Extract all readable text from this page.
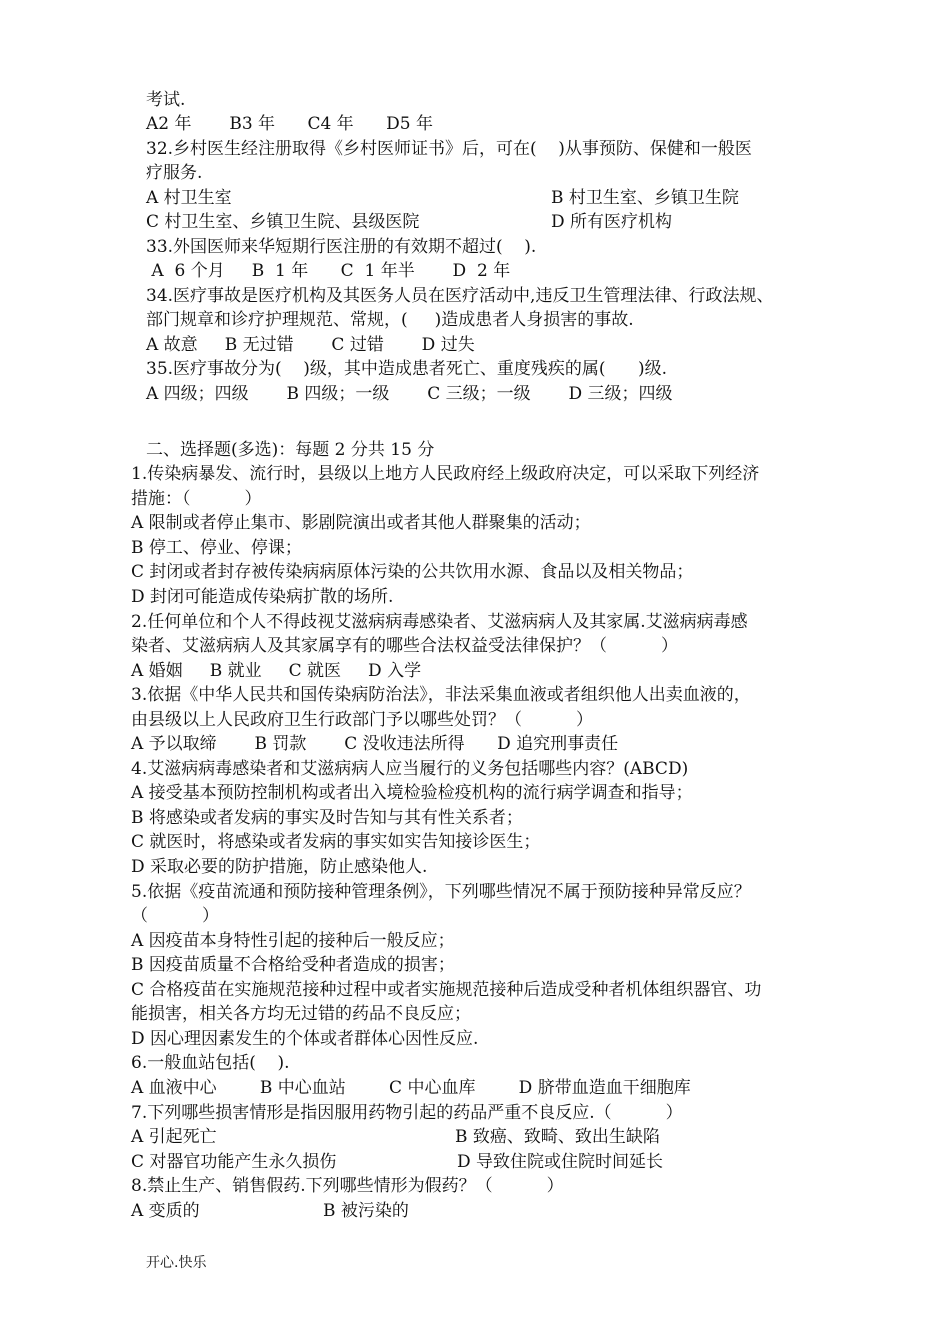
考试.
A2 年       B3 年      C4 年      D5 年
32.乡村医生经注册取得《乡村医师证书》后，可在(    )从事预防、保健和一般医
疗服务.
A 村卫生室	B 村卫生室、乡镇卫生院
C 村卫生室、乡镇卫生院、县级医院	D 所有医疗机构
33.外国医师来华短期行医注册的有效期不超过(    ).
A  6 个月     B  1 年      C  1 年半       D  2 年
34.医疗事故是医疗机构及其医务人员在医疗活动中,违反卫生管理法律、行政法规、
部门规章和诊疗护理规范、常规，(     )造成患者人身损害的事故.
A 故意     B 无过错       C 过错       D 过失
35.医疗事故分为(    )级，其中造成患者死亡、重度残疾的属(      )级.
A 四级；四级       B 四级；一级       C 三级；一级       D 三级；四级
二、选择题(多选)：每题 2 分共 15 分
1.传染病暴发、流行时，县级以上地方人民政府经上级政府决定，可以采取下列经济
措施：（          ）
A 限制或者停止集市、影剧院演出或者其他人群聚集的活动；
B 停工、停业、停课；
C 封闭或者封存被传染病病原体污染的公共饮用水源、食品以及相关物品；
D 封闭可能造成传染病扩散的场所.
2.任何单位和个人不得歧视艾滋病病毒感染者、艾滋病病人及其家属.艾滋病病毒感
染者、艾滋病病人及其家属享有的哪些合法权益受法律保护？（          ）
A 婚姻     B 就业     C 就医     D 入学
3.依据《中华人民共和国传染病防治法》，非法采集血液或者组织他人出卖血液的，
由县级以上人民政府卫生行政部门予以哪些处罚？（          ）
A 予以取缔       B 罚款       C 没收违法所得      D 追究刑事责任
4.艾滋病病毒感染者和艾滋病病人应当履行的义务包括哪些内容？(ABCD)
A 接受基本预防控制机构或者出入境检验检疫机构的流行病学调查和指导；
B 将感染或者发病的事实及时告知与其有性关系者；
C 就医时，将感染或者发病的事实如实告知接诊医生；
D 采取必要的防护措施，防止感染他人.
5.依据《疫苗流通和预防接种管理条例》，下列哪些情况不属于预防接种异常反应？
（          ）
A 因疫苗本身特性引起的接种后一般反应；
B 因疫苗质量不合格给受种者造成的损害；
C 合格疫苗在实施规范接种过程中或者实施规范接种后造成受种者机体组织器官、功
能损害，相关各方均无过错的药品不良反应；
D 因心理因素发生的个体或者群体心因性反应.
6.一般血站包括(    ).
A 血液中心        B 中心血站        C 中心血库        D 脐带血造血干细胞库
7.下列哪些损害情形是指因服用药物引起的药品严重不良反应.（          ）
A 引起死亡	B 致癌、致畸、致出生缺陷
C 对器官功能产生永久损伤	D 导致住院或住院时间延长
8.禁止生产、销售假药.下列哪些情形为假药？（          ）
A 变质的	B 被污染的
开心.快乐
